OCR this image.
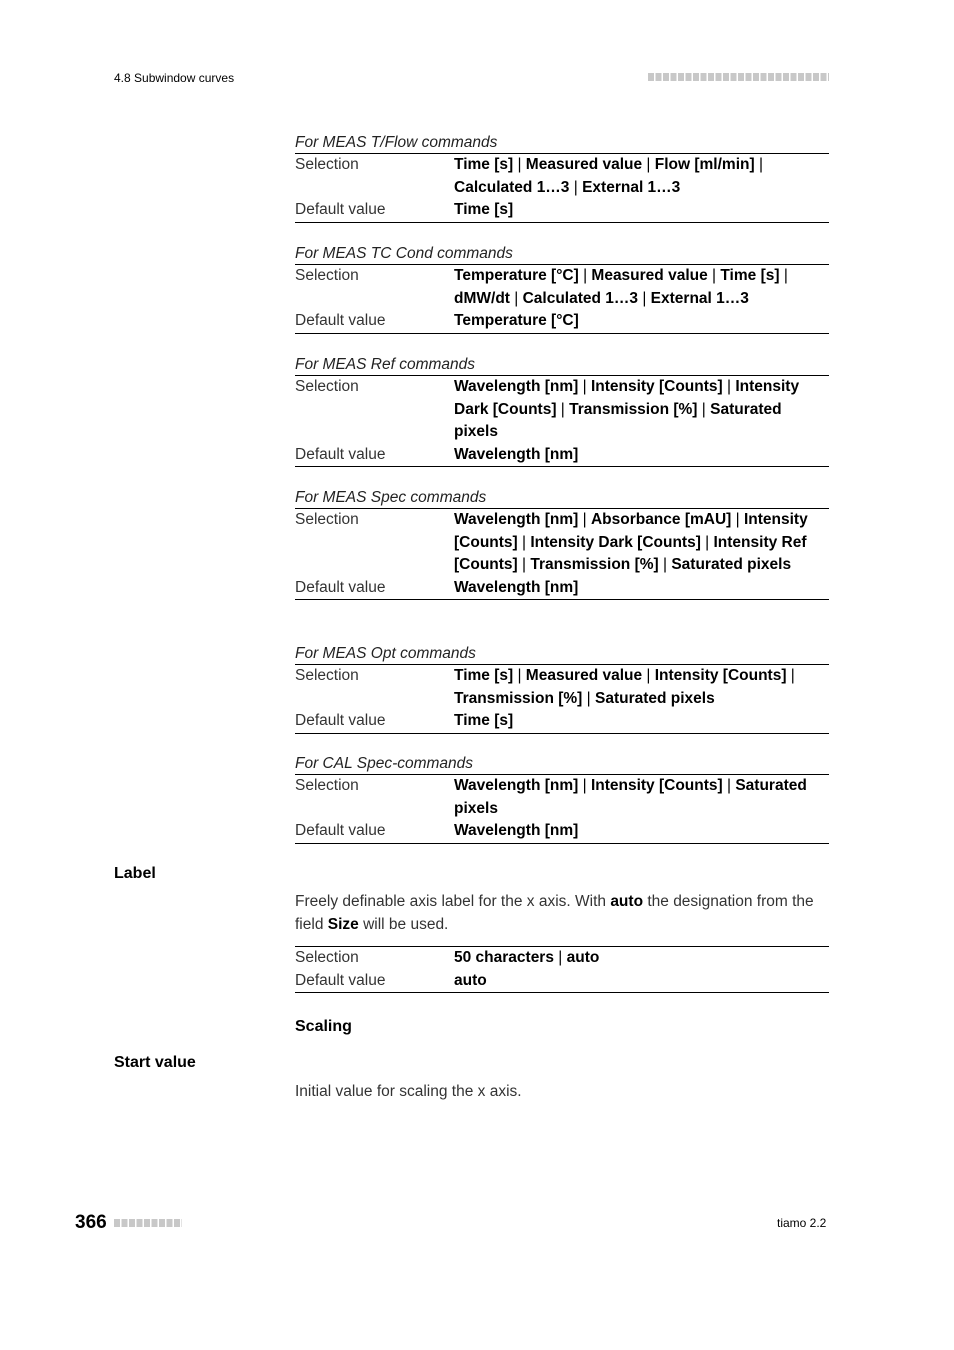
4.8 Subwindow curves
For MEAS T/Flow commands
Selection	Time [s] | Measured value | Flow [ml/min] | Calculated 1…3 | External 1…3
Default value	Time [s]
For MEAS TC Cond commands
Selection	Temperature [°C] | Measured value | Time [s] | dMW/dt | Calculated 1…3 | External 1…3
Default value	Temperature [°C]
For MEAS Ref commands
Selection	Wavelength [nm] | Intensity [Counts] | Intensity Dark [Counts] | Transmission [%] | Saturated pixels
Default value	Wavelength [nm]
For MEAS Spec commands
Selection	Wavelength [nm] | Absorbance [mAU] | Intensity [Counts] | Intensity Dark [Counts] | Intensity Ref [Counts] | Transmission [%] | Saturated pixels
Default value	Wavelength [nm]
For MEAS Opt commands
Selection	Time [s] | Measured value | Intensity [Counts] | Transmission [%] | Saturated pixels
Default value	Time [s]
For CAL Spec-commands
Selection	Wavelength [nm] | Intensity [Counts] | Saturated pixels
Default value	Wavelength [nm]
Label
Freely definable axis label for the x axis. With auto the designation from the field Size will be used.
Selection	50 characters | auto
Default value	auto
Scaling
Start value
Initial value for scaling the x axis.
366	tiamo 2.2
